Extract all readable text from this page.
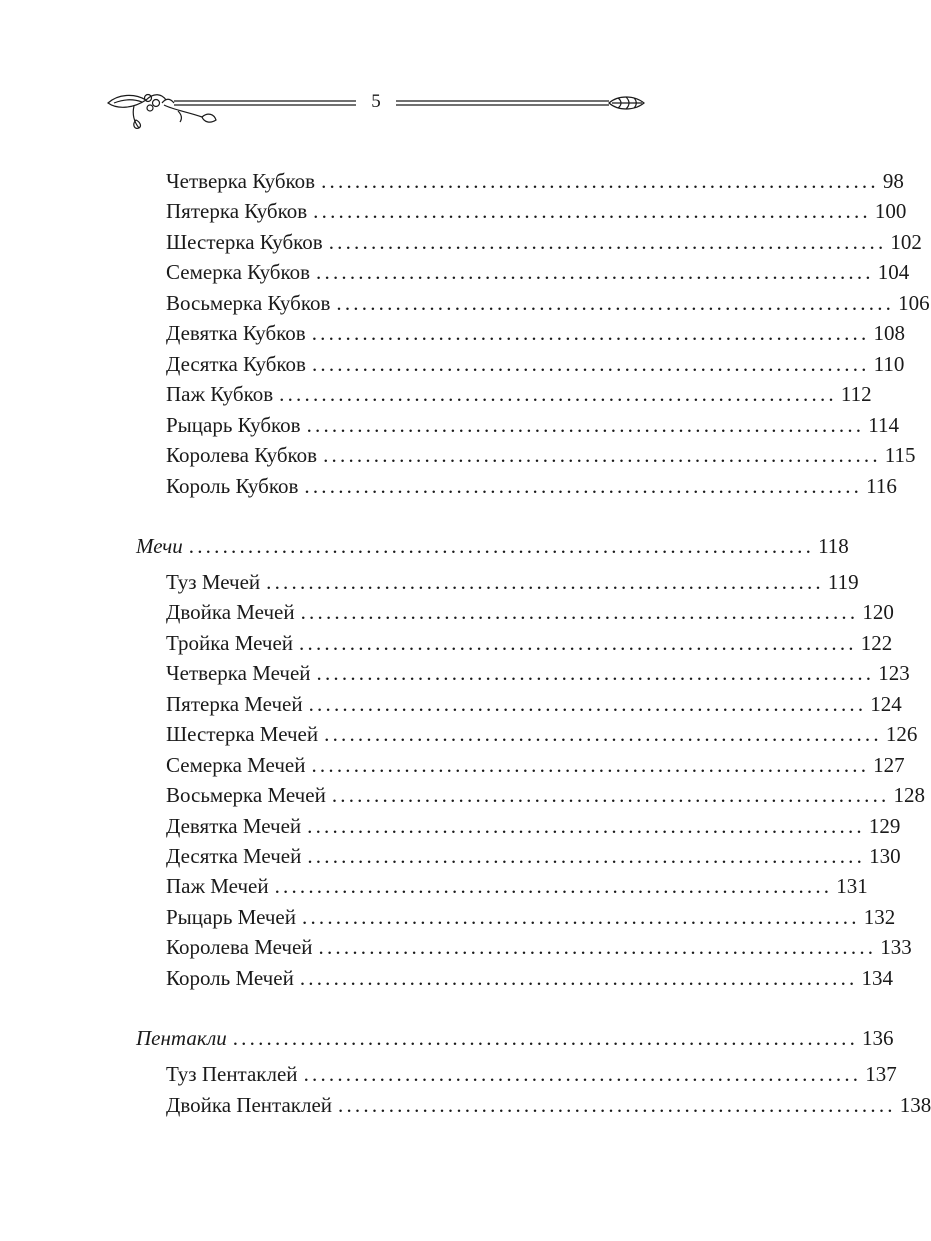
5
Четверка Кубков .................................................................. 98
Пятерка Кубков .................................................................. 100
Шестерка Кубков .................................................................. 102
Семерка Кубков .................................................................. 104
Восьмерка Кубков .................................................................. 106
Девятка Кубков .................................................................. 108
Десятка Кубков .................................................................. 110
Паж Кубков .................................................................. 112
Рыцарь Кубков .................................................................. 114
Королева Кубков .................................................................. 115
Король Кубков .................................................................. 116
Мечи .......................................................................... 118
Туз Мечей .................................................................. 119
Двойка Мечей .................................................................. 120
Тройка Мечей .................................................................. 122
Четверка Мечей .................................................................. 123
Пятерка Мечей .................................................................. 124
Шестерка Мечей .................................................................. 126
Семерка Мечей .................................................................. 127
Восьмерка Мечей .................................................................. 128
Девятка Мечей .................................................................. 129
Десятка Мечей .................................................................. 130
Паж Мечей .................................................................. 131
Рыцарь Мечей .................................................................. 132
Королева Мечей .................................................................. 133
Король Мечей .................................................................. 134
Пентакли .......................................................................... 136
Туз Пентаклей .................................................................. 137
Двойка Пентаклей .................................................................. 138
